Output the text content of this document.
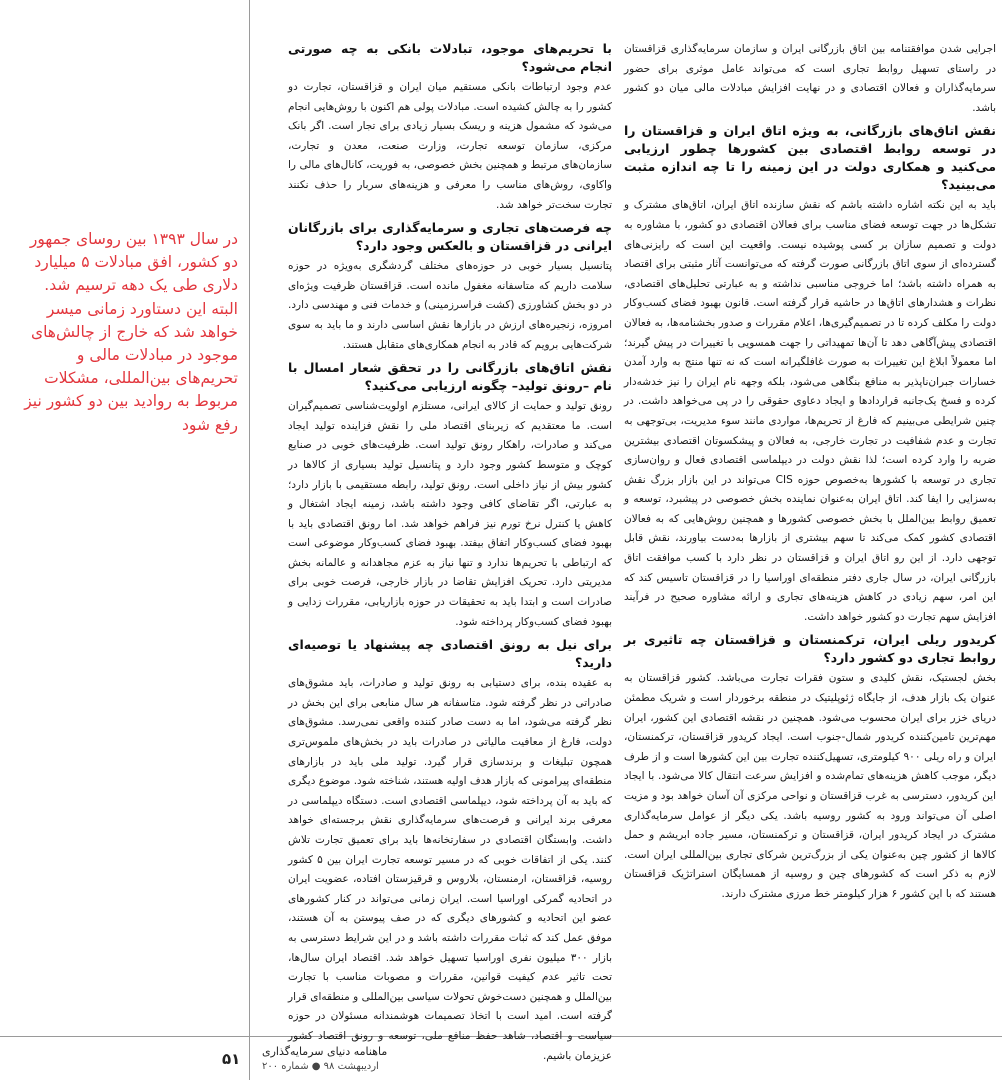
اجرایی شدن موافقتنامه بین اتاق بازرگانی ایران و سازمان سرمایه‌گذاری قزاقستان در راستای تسهیل روابط تجاری است که می‌تواند عامل موثری برای حضور سرمایه‌گذاران و فعالان اقتصادی و در نهایت افزایش مبادلات مالی میان دو کشور باشد.

نقش اتاق‌های بازرگانی، به ویژه اتاق ایران و قزاقستان را در توسعه روابط اقتصادی بین کشورها چطور ارزیابی می‌کنید و همکاری دولت در این زمینه را تا چه اندازه مثبت می‌بینید؟

باید به این نکته اشاره داشته باشم که نقش سازنده اتاق ایران، اتاق‌های مشترک و تشکل‌ها در جهت توسعه فضای مناسب برای فعالان اقتصادی دو کشور، با مشاوره به دولت و تصمیم سازان بر کسی پوشیده نیست. واقعیت این است که رایزنی‌های گسترده‌ای از سوی اتاق بازرگانی صورت گرفته که می‌توانست آثار مثبتی برای اقتصاد به همراه داشته باشد؛ اما خروجی مناسبی نداشته و به عبارتی تحلیل‌های اقتصادی، نظرات و هشدارهای اتاق‌ها در حاشیه قرار گرفته است. قانون بهبود فضای کسب‌وکار دولت را مکلف کرده تا در تصمیم‌گیری‌ها، اعلام مقررات و صدور بخشنامه‌ها، به فعالان اقتصادی پیش‌آگاهی دهد تا آن‌ها تمهیداتی را جهت همسویی با تغییرات در پیش گیرند؛ اما معمولاً ابلاغ این تغییرات به صورت غافلگیرانه است که نه تنها منتج به وارد آمدن خسارات جبران‌ناپذیر به منافع بنگاهی می‌شود، بلکه وجهه نام ایران را نیز خدشه‌دار کرده و فسخ یک‌جانبه قراردادها و ایجاد دعاوی حقوقی را در پی می‌خواهد داشت. در چنین شرایطی می‌بینیم که فارغ از تحریم‌ها، مواردی مانند سوء مدیریت، بی‌توجهی به تجارت و عدم شفافیت در تجارت خارجی، به فعالان و پیشکسوتان اقتصادی بیشترین ضربه را وارد کرده است؛ لذا نقش دولت در دیپلماسی اقتصادی فعال و روان‌سازی تجاری در توسعه با کشورها به‌خصوص حوزه CIS می‌تواند در این بازار بزرگ نقش به‌سزایی را ایفا کند. اتاق ایران به‌عنوان نماینده بخش خصوصی در پیشبرد، توسعه و تعمیق روابط بین‌الملل با بخش خصوصی کشورها و همچنین روش‌هایی که به فعالان اقتصادی کشور کمک می‌کند تا سهم بیشتری از بازارها به‌دست بیاورند، نقش قابل توجهی دارد. از این رو اتاق ایران و قزاقستان در نظر دارد با کسب موافقت اتاق بازرگانی ایران، در سال جاری دفتر منطقه‌ای اوراسیا را در قزاقستان تاسیس کند که این امر، سهم زیادی در کاهش هزینه‌های تجاری و ارائه مشاوره صحیح در فرآیند افزایش سهم تجارت دو کشور خواهد داشت.

کریدور ریلی ایران، ترکمنستان و قزاقستان چه تاثیری بر روابط تجاری دو کشور دارد؟

بخش لجستیک، نقش کلیدی و ستون فقرات تجارت می‌باشد. کشور قزاقستان به عنوان یک بازار هدف، از جایگاه ژئوپلیتیک در منطقه برخوردار است و شریک مطمئن دریای خزر برای ایران محسوب می‌شود. همچنین در نقشه اقتصادی این کشور، ایران مهم‌ترین تامین‌کننده کریدور شمال-جنوب است. ایجاد کریدور قزاقستان، ترکمنستان، ایران و راه ریلی ۹۰۰ کیلومتری، تسهیل‌کننده تجارت بین این کشورها است و از طرف دیگر، موجب کاهش هزینه‌های تمام‌شده و افزایش سرعت انتقال کالا می‌شود. با ایجاد این کریدور، دسترسی به غرب قزاقستان و نواحی مرکزی آن آسان خواهد بود و مزیت اصلی آن می‌تواند ورود به کشور روسیه باشد. یکی دیگر از عوامل سرمایه‌گذاری مشترک در ایجاد کریدور ایران، قزاقستان و ترکمنستان، مسیر جاده ابریشم و حمل کالاها از کشور چین به‌عنوان یکی از بزرگ‌ترین شرکای تجاری بین‌المللی ایران است. لازم به ذکر است که کشورهای چین و روسیه از همسایگان استراتژیک قزاقستان هستند که با این کشور ۶ هزار کیلومتر خط مرزی مشترک دارند.

با تحریم‌های موجود، تبادلات بانکی به چه صورتی انجام می‌شود؟

عدم وجود ارتباطات بانکی مستقیم میان ایران و قزاقستان، تجارت دو کشور را به چالش کشیده است. مبادلات پولی هم اکنون با روش‌هایی انجام می‌شود که مشمول هزینه و ریسک بسیار زیادی برای تجار است. اگر بانک مرکزی، سازمان توسعه تجارت، وزارت صنعت، معدن و تجارت، سازمان‌های مرتبط و همچنین بخش خصوصی، به فوریت، کانال‌های مالی را واکاوی، روش‌های مناسب را معرفی و هزینه‌های سربار را حذف نکنند تجارت سخت‌تر خواهد شد.

چه فرصت‌های تجاری و سرمایه‌گذاری برای بازرگانان ایرانی در قزاقستان و بالعکس وجود دارد؟

پتانسیل بسیار خوبی در حوزه‌های مختلف گردشگری به‌ویژه در حوزه سلامت داریم که متاسفانه مغفول مانده است. قزاقستان ظرفیت ویژه‌ای در دو بخش کشاورزی (کشت فراسرزمینی) و خدمات فنی و مهندسی دارد. امروزه، زنجیره‌های ارزش در بازارها نقش اساسی دارند و ما باید به سوی شرکت‌هایی برویم که قادر به انجام همکاری‌های متقابل هستند.

نقش اتاق‌های بازرگانی را در تحقق شعار امسال با نام –رونق تولید– چگونه ارزیابی می‌کنید؟

رونق تولید و حمایت از کالای ایرانی، مستلزم اولویت‌شناسی تصمیم‌گیران است. ما معتقدیم که زیربنای اقتصاد ملی را نقش فزاینده تولید ایجاد می‌کند و صادرات، راهکار رونق تولید است. ظرفیت‌های خوبی در صنایع کوچک و متوسط کشور وجود دارد و پتانسیل تولید بسیاری از کالاها در کشور بیش از نیاز داخلی است. رونق تولید، رابطه مستقیمی با بازار دارد؛ به عبارتی، اگر تقاضای کافی وجود داشته باشد، زمینه ایجاد اشتغال و کاهش یا کنترل نرخ تورم نیز فراهم خواهد شد. اما رونق اقتصادی باید با بهبود فضای کسب‌وکار اتفاق بیفتد. بهبود فضای کسب‌وکار موضوعی است که ارتباطی با تحریم‌ها ندارد و تنها نیاز به عزم مجاهدانه و عالمانه بخش مدیریتی دارد. تحریک افزایش تقاضا در بازار خارجی، فرصت خوبی برای صادرات است و ابتدا باید به تحقیقات در حوزه بازاریابی، مقررات زدایی و بهبود فضای کسب‌وکار پرداخته شود.

برای نیل به رونق اقتصادی چه پیشنهاد یا توصیه‌ای دارید؟

به عقیده بنده، برای دستیابی به رونق تولید و صادرات، باید مشوق‌های صادراتی در نظر گرفته شود. متاسفانه هر سال منابعی برای این بخش در نظر گرفته می‌شود، اما به دست صادر کننده واقعی نمی‌رسد. مشوق‌های دولت، فارغ از معافیت مالیاتی در صادرات باید در بخش‌های ملموس‌تری همچون تبلیغات و برندسازی قرار گیرد. تولید ملی باید در بازارهای منطقه‌ای پیرامونی که بازار هدف اولیه هستند، شناخته شود. موضوع دیگری که باید به آن پرداخته شود، دیپلماسی اقتصادی است. دستگاه دیپلماسی در معرفی برند ایرانی و فرصت‌های سرمایه‌گذاری نقش برجسته‌ای خواهد داشت. وابستگان اقتصادی در سفارتخانه‌ها باید برای تعمیق تجارت تلاش کنند. یکی از اتفاقات خوبی که در مسیر توسعه تجارت ایران بین ۵ کشور روسیه، قزاقستان، ارمنستان، بلاروس و قرقیزستان افتاده، عضویت ایران در اتحادیه گمرکی اوراسیا است. ایران زمانی می‌تواند در کنار کشورهای عضو این اتحادیه و کشورهای دیگری که در صف پیوستن به آن هستند، موفق عمل کند که ثبات مقررات داشته باشد و در این شرایط دسترسی به بازار ۳۰۰ میلیون نفری اوراسیا تسهیل خواهد شد. اقتصاد ایران سال‌ها، تحت تاثیر عدم کیفیت قوانین، مقررات و مصوبات مناسب با تجارت بین‌الملل و همچنین دست‌خوش تحولات سیاسی بین‌المللی و منطقه‌ای قرار گرفته است. امید است با اتخاذ تصمیمات هوشمندانه مسئولان در حوزه سیاست و اقتصاد، شاهد حفظ منافع ملی، توسعه و رونق اقتصاد کشور عزیزمان باشیم.

در سال ۱۳۹۳ بین روسای جمهور دو کشور، افق مبادلات ۵ میلیارد دلاری طی یک دهه ترسیم شد. البته این دستاورد زمانی میسر خواهد شد که خارج از چالش‌های موجود در مبادلات مالی و تحریم‌های بین‌المللی، مشکلات مربوط به روادید بین دو کشور نیز رفع شود
ماهنامه دنیای سرمایه‌گذاری
اردیبهشت ۹۸ ● شماره ۲۰۰
۵۱
